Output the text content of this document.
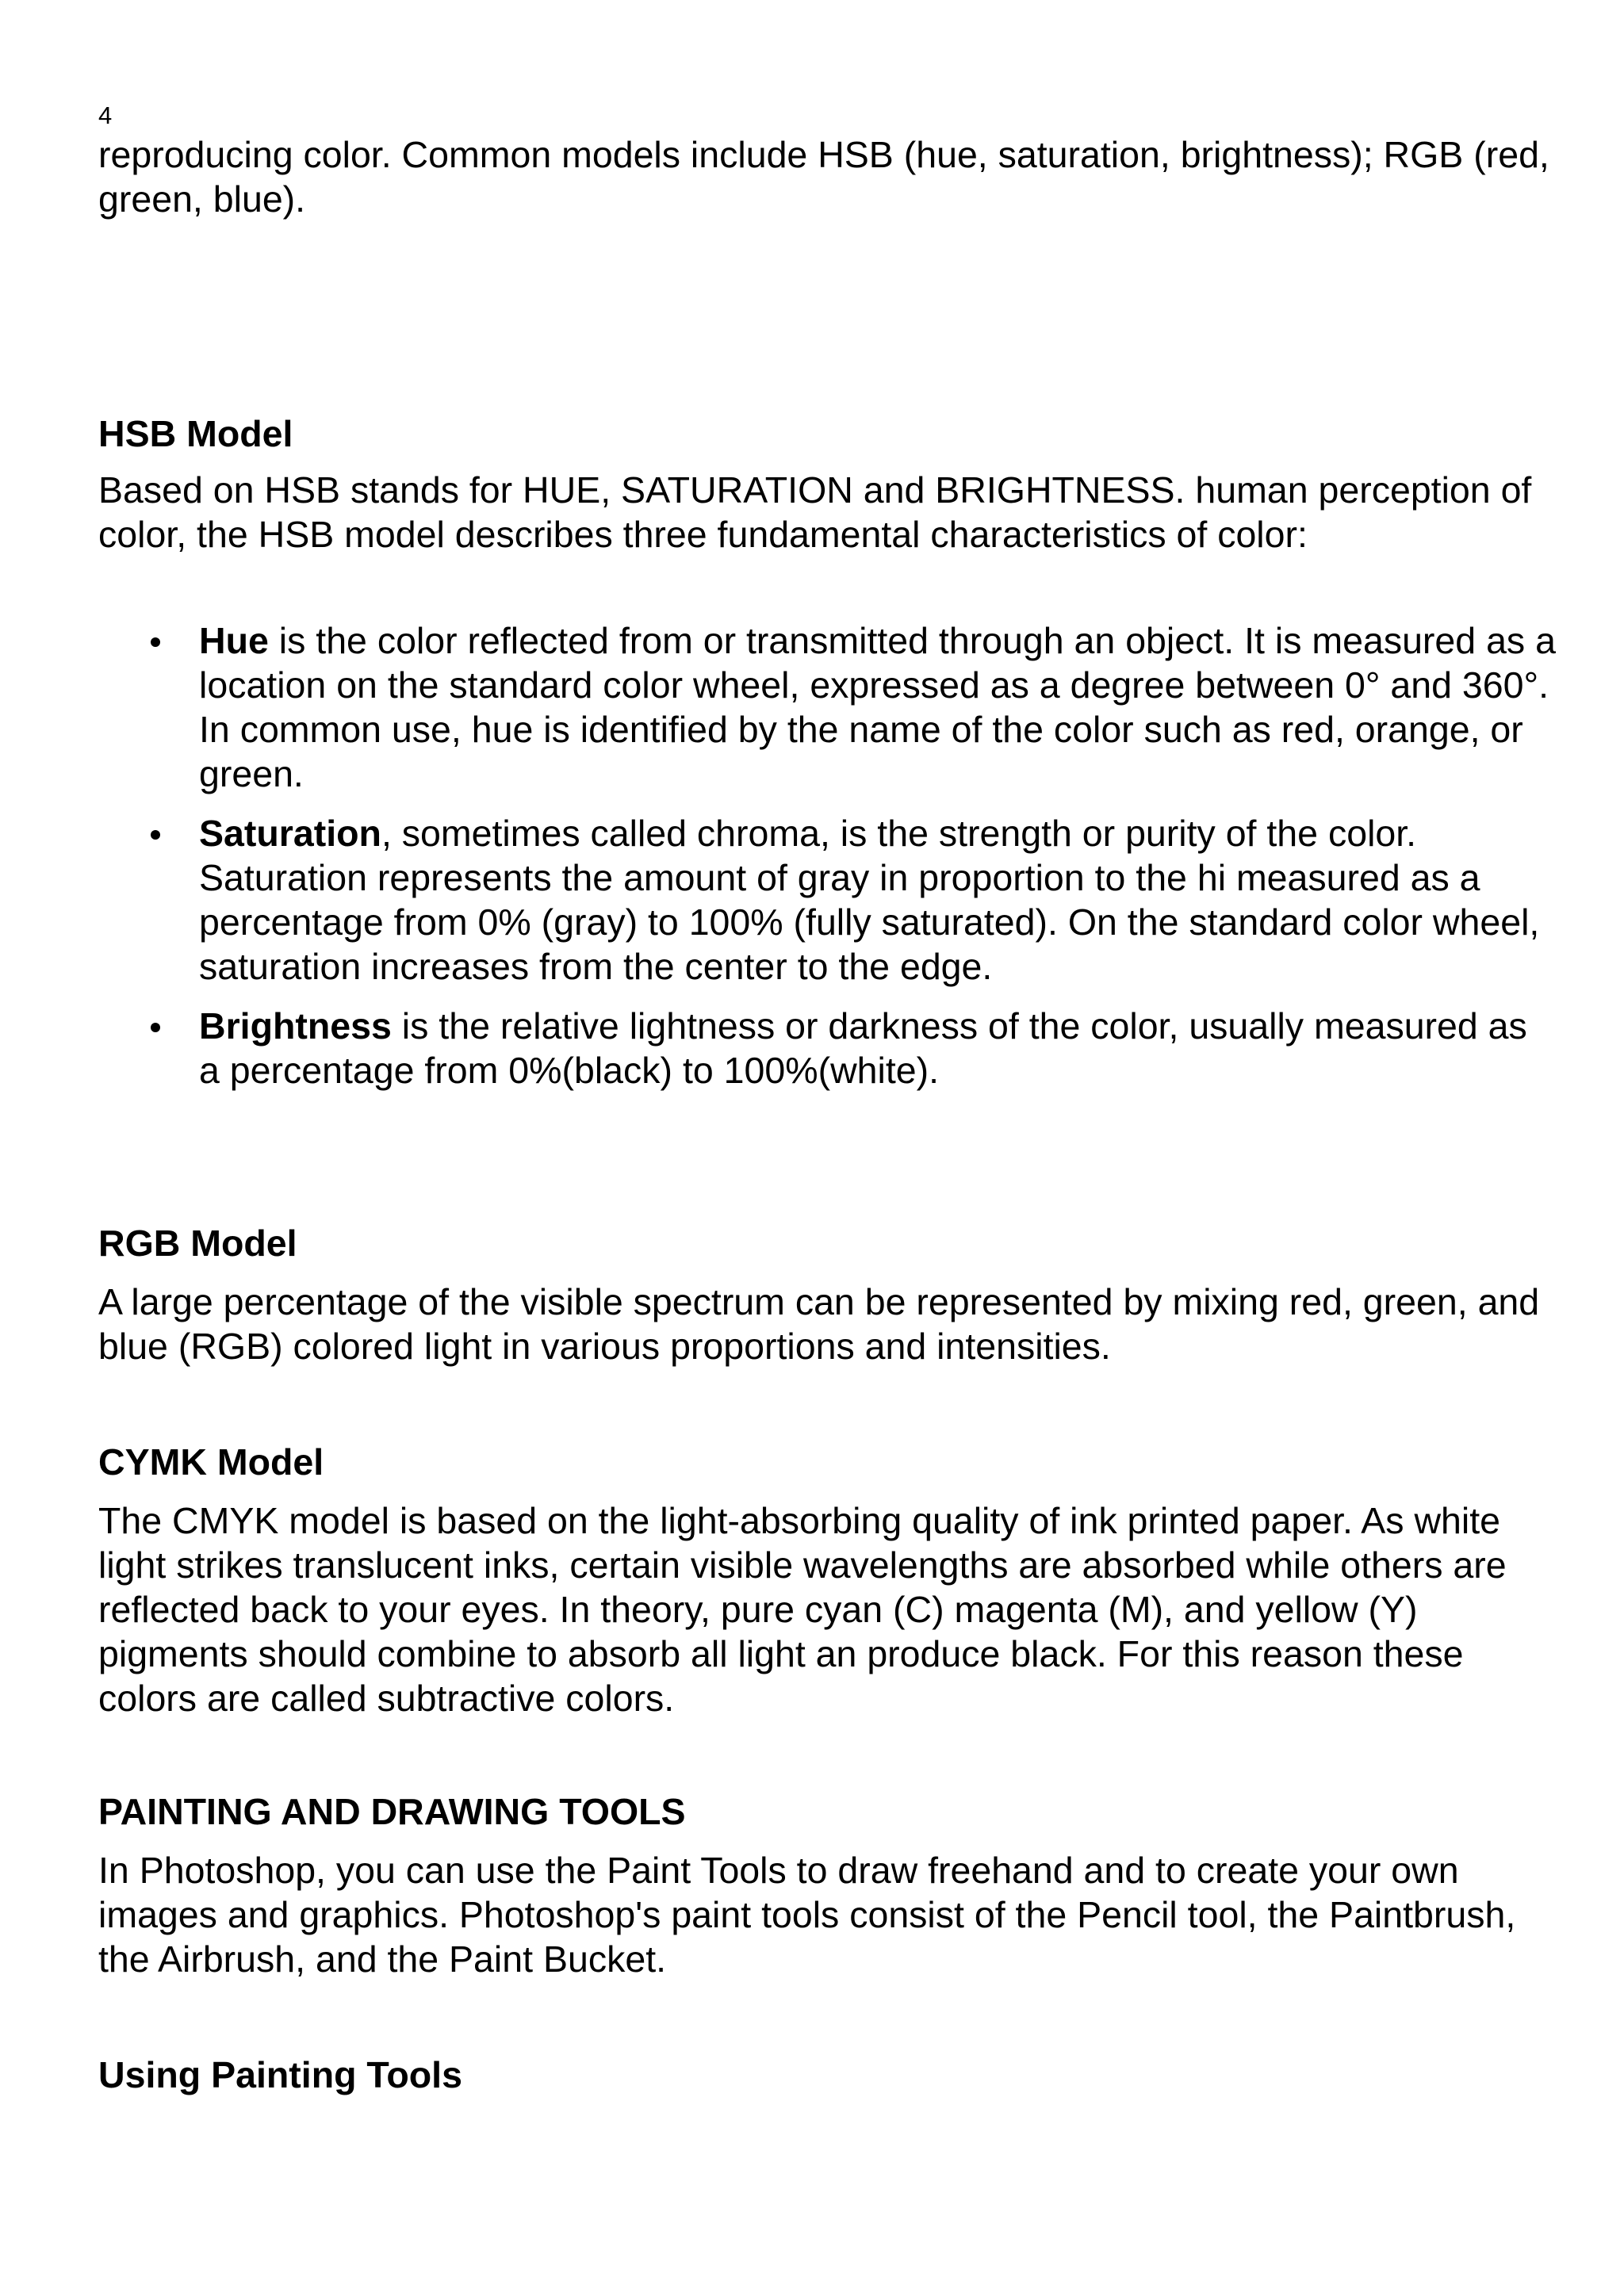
4

reproducing color. Common models include HSB (hue, saturation, brightness); RGB (red, green, blue).

HSB Model

Based on HSB stands for HUE, SATURATION and BRIGHTNESS. human perception of color, the HSB model describes three fundamental characteristics of color:

Hue is the color reflected from or transmitted through an object. It is measured as a location on the standard color wheel, expressed as a degree between 0° and 360°. In common use, hue is identified by the name of the color such as red, orange, or green.
Saturation, sometimes called chroma, is the strength or purity of the color. Saturation represents the amount of gray in proportion to the hi measured as a percentage from 0% (gray) to 100% (fully saturated). On the standard color wheel, saturation increases from the center to the edge.
Brightness is the relative lightness or darkness of the color, usually measured as a percentage from 0%(black) to 100%(white).
RGB Model

A large percentage of the visible spectrum can be represented by mixing red, green, and blue (RGB) colored light in various proportions and intensities.

CYMK Model

The CMYK model is based on the light-absorbing quality of ink printed paper. As white light strikes translucent inks, certain visible wavelengths are absorbed while others are reflected back to your eyes. In theory, pure cyan (C) magenta (M), and yellow (Y) pigments should combine to absorb all light an produce black. For this reason these colors are called subtractive colors.

PAINTING AND DRAWING TOOLS

In Photoshop, you can use the Paint Tools to draw freehand and to create your own images and graphics. Photoshop's paint tools consist of the Pencil tool, the Paintbrush, the Airbrush, and the Paint Bucket.

Using Painting Tools
